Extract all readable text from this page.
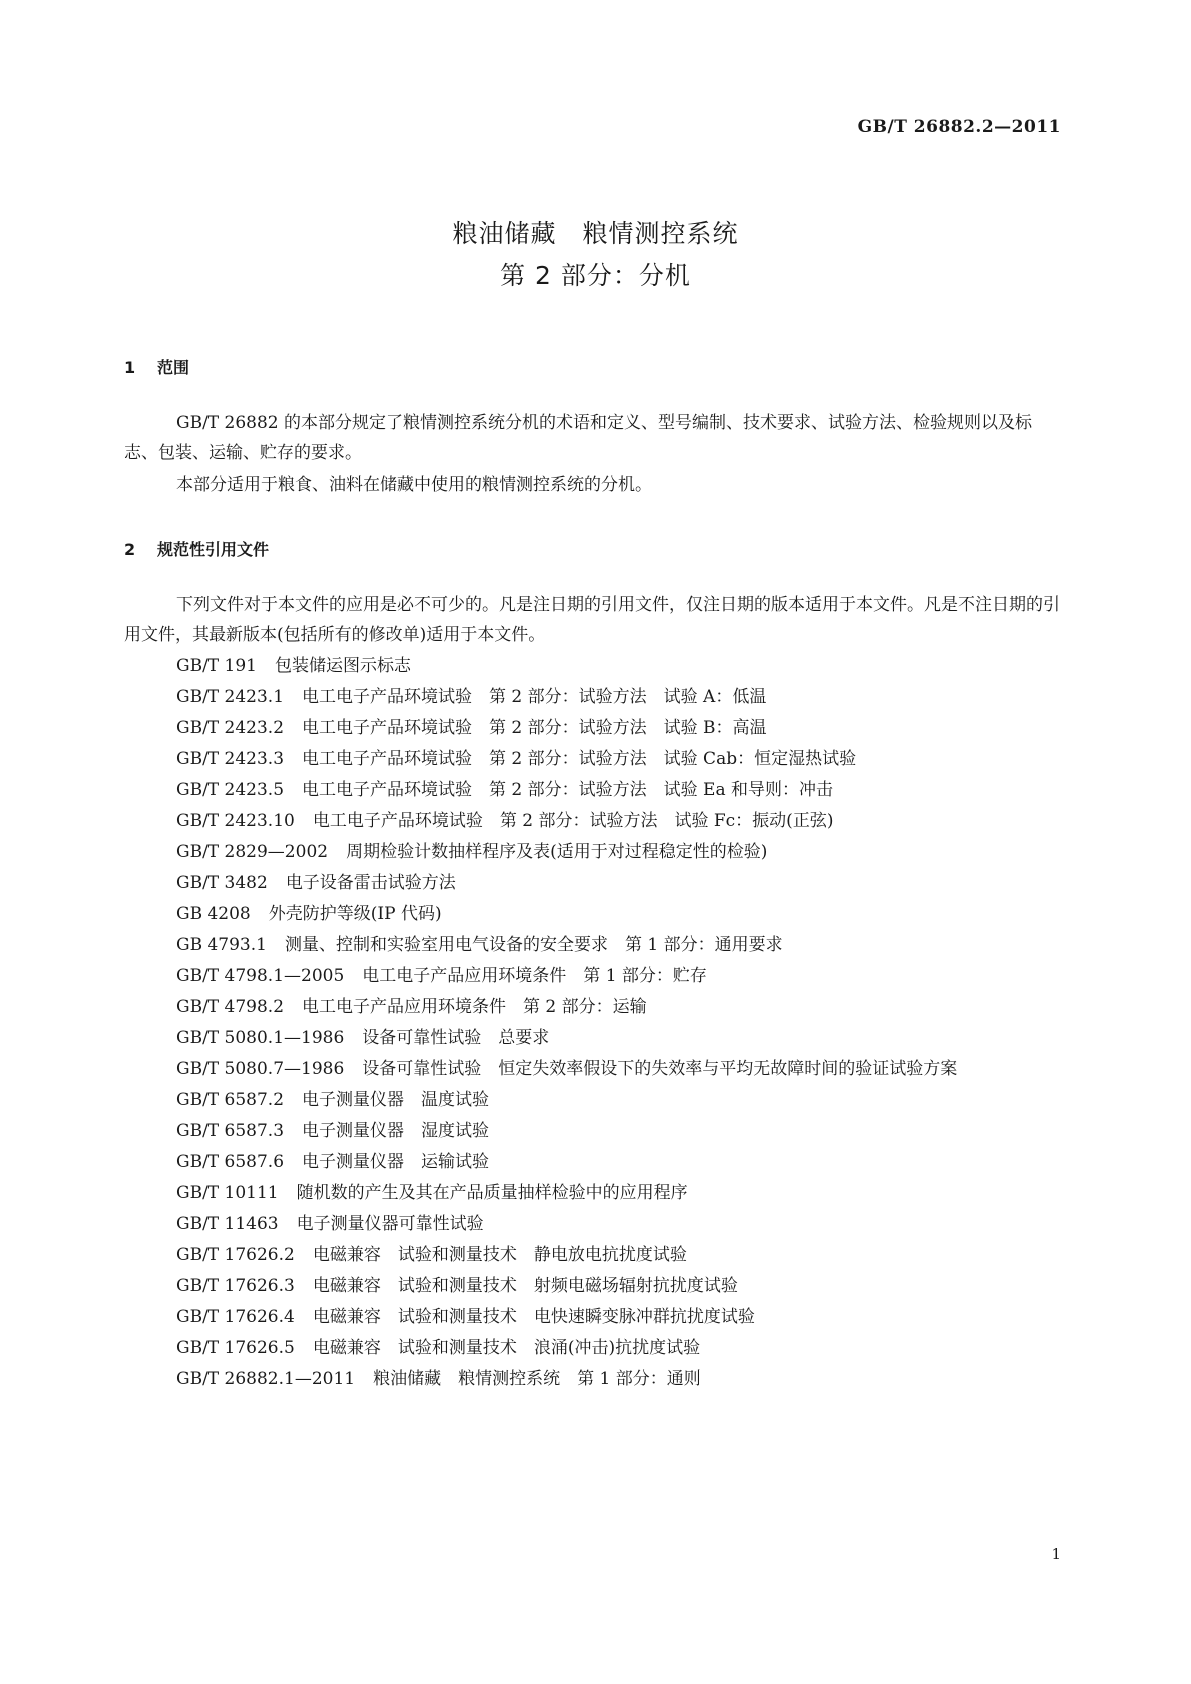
GB/T 26882.2—2011
粮油储藏 粮情测控系统
第 2 部分：分机
1 范围
GB/T 26882 的本部分规定了粮情测控系统分机的术语和定义、型号编制、技术要求、试验方法、检验规则以及标志、包装、运输、贮存的要求。
本部分适用于粮食、油料在储藏中使用的粮情测控系统的分机。
2 规范性引用文件
下列文件对于本文件的应用是必不可少的。凡是注日期的引用文件，仅注日期的版本适用于本文件。凡是不注日期的引用文件，其最新版本(包括所有的修改单)适用于本文件。
GB/T 191 包装储运图示标志
GB/T 2423.1 电工电子产品环境试验　第 2 部分：试验方法　试验 A：低温
GB/T 2423.2 电工电子产品环境试验　第 2 部分：试验方法　试验 B：高温
GB/T 2423.3 电工电子产品环境试验　第 2 部分：试验方法　试验 Cab：恒定湿热试验
GB/T 2423.5 电工电子产品环境试验　第 2 部分：试验方法　试验 Ea 和导则：冲击
GB/T 2423.10 电工电子产品环境试验　第 2 部分：试验方法　试验 Fc：振动(正弦)
GB/T 2829—2002 周期检验计数抽样程序及表(适用于对过程稳定性的检验)
GB/T 3482 电子设备雷击试验方法
GB 4208 外壳防护等级(IP 代码)
GB 4793.1 测量、控制和实验室用电气设备的安全要求　第 1 部分：通用要求
GB/T 4798.1—2005 电工电子产品应用环境条件　第 1 部分：贮存
GB/T 4798.2 电工电子产品应用环境条件　第 2 部分：运输
GB/T 5080.1—1986 设备可靠性试验　总要求
GB/T 5080.7—1986 设备可靠性试验　恒定失效率假设下的失效率与平均无故障时间的验证试验方案
GB/T 6587.2 电子测量仪器　温度试验
GB/T 6587.3 电子测量仪器　湿度试验
GB/T 6587.6 电子测量仪器　运输试验
GB/T 10111 随机数的产生及其在产品质量抽样检验中的应用程序
GB/T 11463 电子测量仪器可靠性试验
GB/T 17626.2 电磁兼容　试验和测量技术　静电放电抗扰度试验
GB/T 17626.3 电磁兼容　试验和测量技术　射频电磁场辐射抗扰度试验
GB/T 17626.4 电磁兼容　试验和测量技术　电快速瞬变脉冲群抗扰度试验
GB/T 17626.5 电磁兼容　试验和测量技术　浪涌(冲击)抗扰度试验
GB/T 26882.1—2011 粮油储藏　粮情测控系统　第 1 部分：通则
1
